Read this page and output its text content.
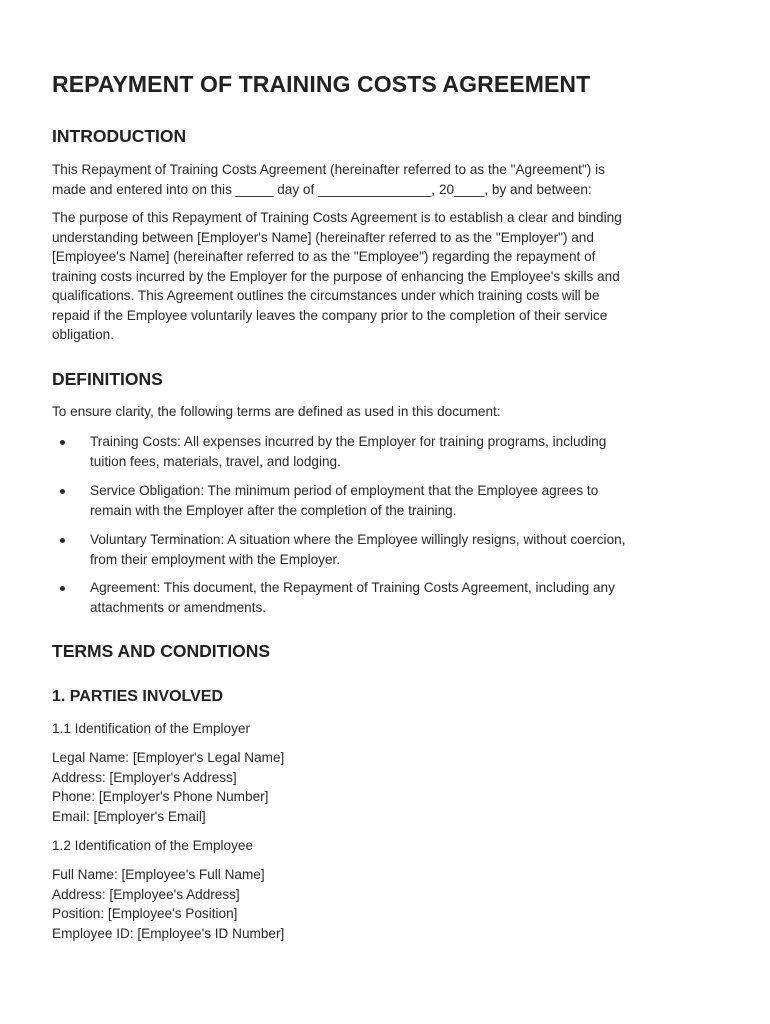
REPAYMENT OF TRAINING COSTS AGREEMENT
INTRODUCTION

This Repayment of Training Costs Agreement (hereinafter referred to as the "Agreement") is
made and entered into on this _____ day of _______________, 20____, by and between:

The purpose of this Repayment of Training Costs Agreement is to establish a clear and binding
understanding between [Employer's Name] (hereinafter referred to as the "Employer") and
[Employee's Name] (hereinafter referred to as the "Employee") regarding the repayment of
training costs incurred by the Employer for the purpose of enhancing the Employee's skills and
qualifications. This Agreement outlines the circumstances under which training costs will be
repaid if the Employee voluntarily leaves the company prior to the completion of their service
obligation.

DEFINITIONS

To ensure clarity, the following terms are defined as used in this document:

Training Costs: All expenses incurred by the Employer for training programs, including
tuition fees, materials, travel, and lodging.
Service Obligation: The minimum period of employment that the Employee agrees to
remain with the Employer after the completion of the training.
Voluntary Termination: A situation where the Employee willingly resigns, without coercion,
from their employment with the Employer.
Agreement: This document, the Repayment of Training Costs Agreement, including any
attachments or amendments.
TERMS AND CONDITIONS
1. PARTIES INVOLVED

1.1 Identification of the Employer

Legal Name: [Employer's Legal Name]
Address: [Employer's Address]
Phone: [Employer's Phone Number]
Email: [Employer's Email]

1.2 Identification of the Employee

Full Name: [Employee's Full Name]
Address: [Employee's Address]
Position: [Employee's Position]
Employee ID: [Employee's ID Number]
